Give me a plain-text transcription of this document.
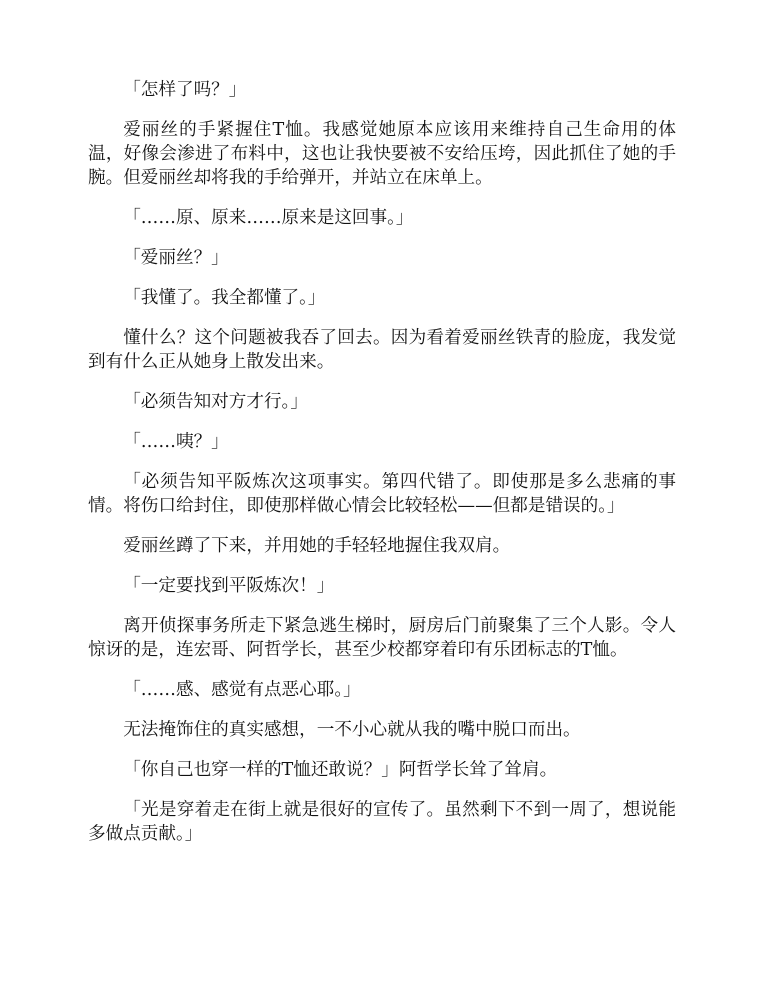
「怎样了吗？」

爱丽丝的手紧握住T恤。我感觉她原本应该用来维持自己生命用的体温，好像会渗进了布料中，这也让我快要被不安给压垮，因此抓住了她的手腕。但爱丽丝却将我的手给弹开，并站立在床单上。

「……原、原来……原来是这回事。」

「爱丽丝？」

「我懂了。我全都懂了。」

懂什么？这个问题被我吞了回去。因为看着爱丽丝铁青的脸庞，我发觉到有什么正从她身上散发出来。

「必须告知对方才行。」

「……咦？」

「必须告知平阪炼次这项事实。第四代错了。即使那是多么悲痛的事情。将伤口给封住，即使那样做心情会比较轻松——但都是错误的。」

爱丽丝蹲了下来，并用她的手轻轻地握住我双肩。

「一定要找到平阪炼次！」

离开侦探事务所走下紧急逃生梯时，厨房后门前聚集了三个人影。令人惊讶的是，连宏哥、阿哲学长，甚至少校都穿着印有乐团标志的T恤。

「……感、感觉有点恶心耶。」

无法掩饰住的真实感想，一不小心就从我的嘴中脱口而出。

「你自己也穿一样的T恤还敢说？」阿哲学长耸了耸肩。

「光是穿着走在街上就是很好的宣传了。虽然剩下不到一周了，想说能多做点贡献。」
